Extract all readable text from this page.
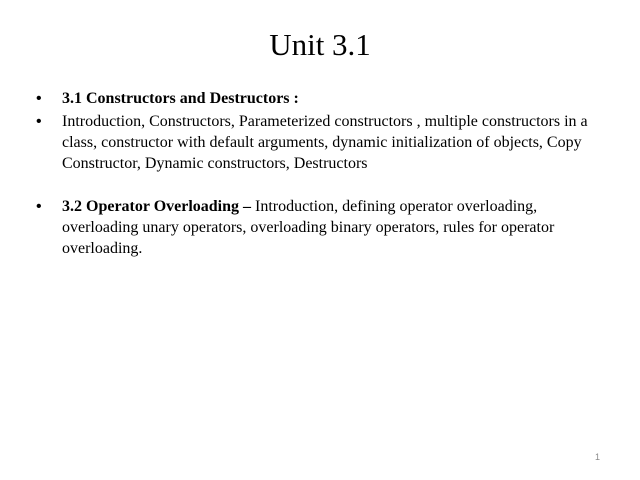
Unit 3.1
• 3.1 Constructors and Destructors :
• Introduction, Constructors, Parameterized constructors , multiple constructors in a class, constructor with default arguments, dynamic initialization of objects, Copy Constructor, Dynamic constructors, Destructors
• 3.2 Operator Overloading – Introduction, defining operator overloading, overloading unary operators, overloading binary operators, rules for operator overloading.
1
